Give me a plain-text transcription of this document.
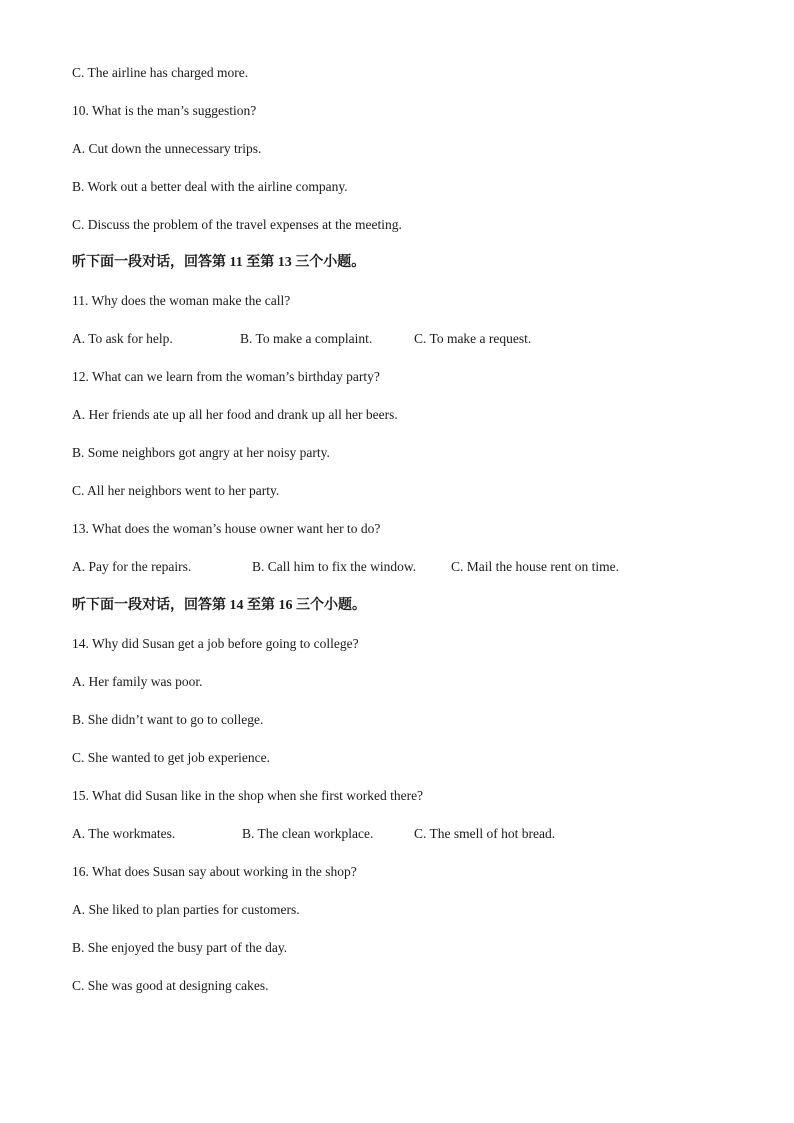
C. The airline has charged more.
10. What is the man’s suggestion?
A. Cut down the unnecessary trips.
B. Work out a better deal with the airline company.
C. Discuss the problem of the travel expenses at the meeting.
听下面一段对话，回答第 11 至第 13 三个小题。
11. Why does the woman make the call?
A. To ask for help.	B. To make a complaint.	C. To make a request.
12. What can we learn from the woman’s birthday party?
A. Her friends ate up all her food and drank up all her beers.
B. Some neighbors got angry at her noisy party.
C. All her neighbors went to her party.
13. What does the woman’s house owner want her to do?
A. Pay for the repairs.	B. Call him to fix the window.	C. Mail the house rent on time.
听下面一段对话，回答第 14 至第 16 三个小题。
14. Why did Susan get a job before going to college?
A. Her family was poor.
B. She didn’t want to go to college.
C. She wanted to get job experience.
15. What did Susan like in the shop when she first worked there?
A. The workmates.	B. The clean workplace.	C. The smell of hot bread.
16. What does Susan say about working in the shop?
A. She liked to plan parties for customers.
B. She enjoyed the busy part of the day.
C. She was good at designing cakes.
